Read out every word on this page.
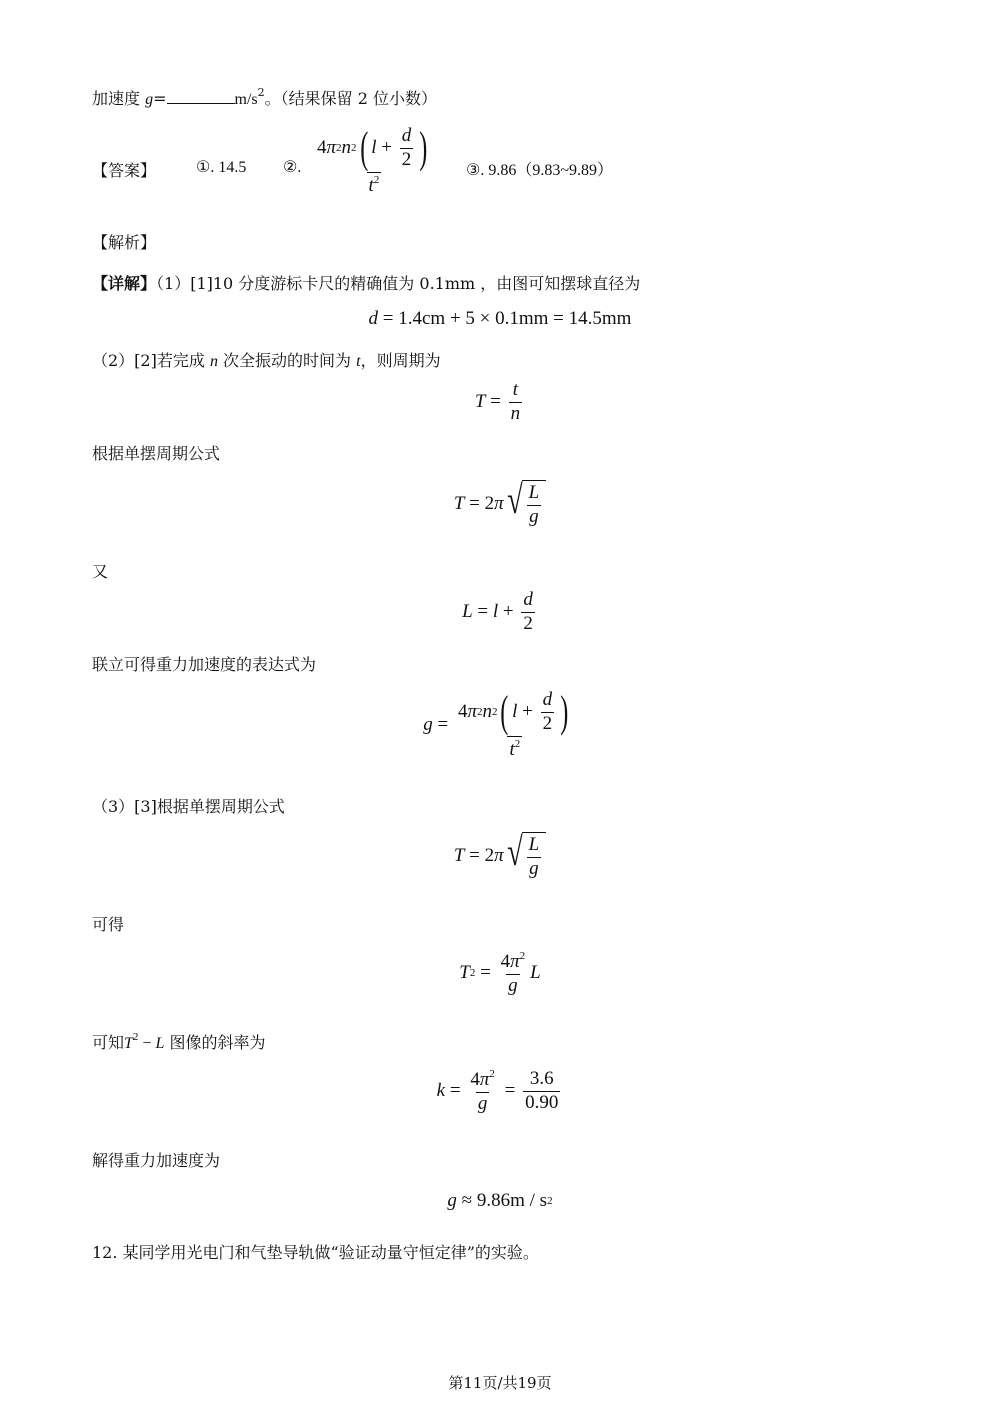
加速度 g=	$m/s^2$。（结果保留 2 位小数）
【答案】 ①. 14.5 ②. $\frac{4 \pi 2 n 2 ( l + \frac{d}{2} )}{t^2}$ ③. 9.86（9.83~9.89）
【解析】
【详解】（1）[1]10 分度游标卡尺的精确值为 0.1mm ，由图可知摆球直径为
d = 1.4cm + 5 × 0.1mm = 14.5mm
（2）[2]若完成 n 次全振动的时间为 t，则周期为
$T = \frac{t}{n}$
根据单摆周期公式
T = 2 π √ $\frac{L}{g}$
又
$L = l + \frac{d}{2}$
联立可得重力加速度的表达式为
$g = \frac{4 \pi 2 n 2 ( l + \frac{d}{2} )}{t^2}$
（3）[3]根据单摆周期公式
T = 2 π √ $\frac{L}{g}$
可得
T $2 = \frac{4\pi^2}{g}$ L
可知$T^2 - L$ 图像的斜率为
$k = \frac{4\pi^2}{g} = \frac{3.6}{0.90}$
解得重力加速度为
g ≈ 9.86m / s 2
12. 某同学用光电门和气垫导轨做“验证动量守恒定律”的实验。
第11页/共19页
